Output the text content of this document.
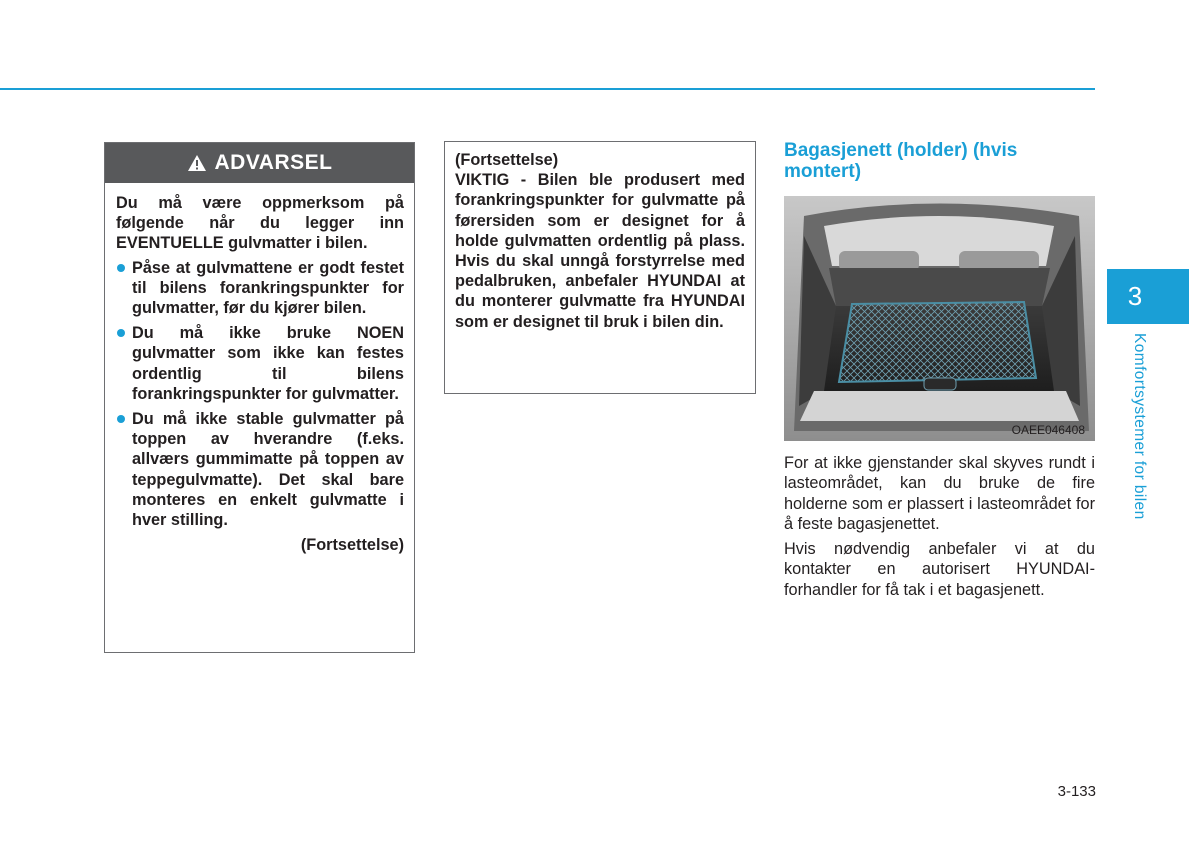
ADVARSEL
Du må være oppmerksom på følgende når du legger inn EVENTUELLE gulvmatter i bilen.
Påse at gulvmattene er godt festet til bilens forankringspunkter for gulvmatter, før du kjører bilen.
Du må ikke bruke NOEN gulvmatter som ikke kan festes ordentlig til bilens forankringspunkter for gulvmatter.
Du må ikke stable gulvmatter på toppen av hverandre (f.eks. allværs gummimatte på toppen av teppegulvmatte). Det skal bare monteres en enkelt gulvmatte i hver stilling.
(Fortsettelse)

(Fortsettelse)

VIKTIG - Bilen ble produsert med forankringspunkter for gulvmatte på førersiden som er designet for å holde gulvmatten ordentlig på plass. Hvis du skal unngå forstyrrelse med pedalbruken, anbefaler HYUNDAI at du monterer gulvmatte fra HYUNDAI som er designet til bruk i bilen din.

Bagasjenett (holder) (hvis montert)
OAEE046408

For at ikke gjenstander skal skyves rundt i lasteområdet, kan du bruke de fire holderne som er plassert i lasteområdet for å feste bagasjenettet.

Hvis nødvendig anbefaler vi at du kontakter en autorisert HYUNDAI-forhandler for få tak i et bagasjenett.

3
Komfortsystemer for bilen
3-133
